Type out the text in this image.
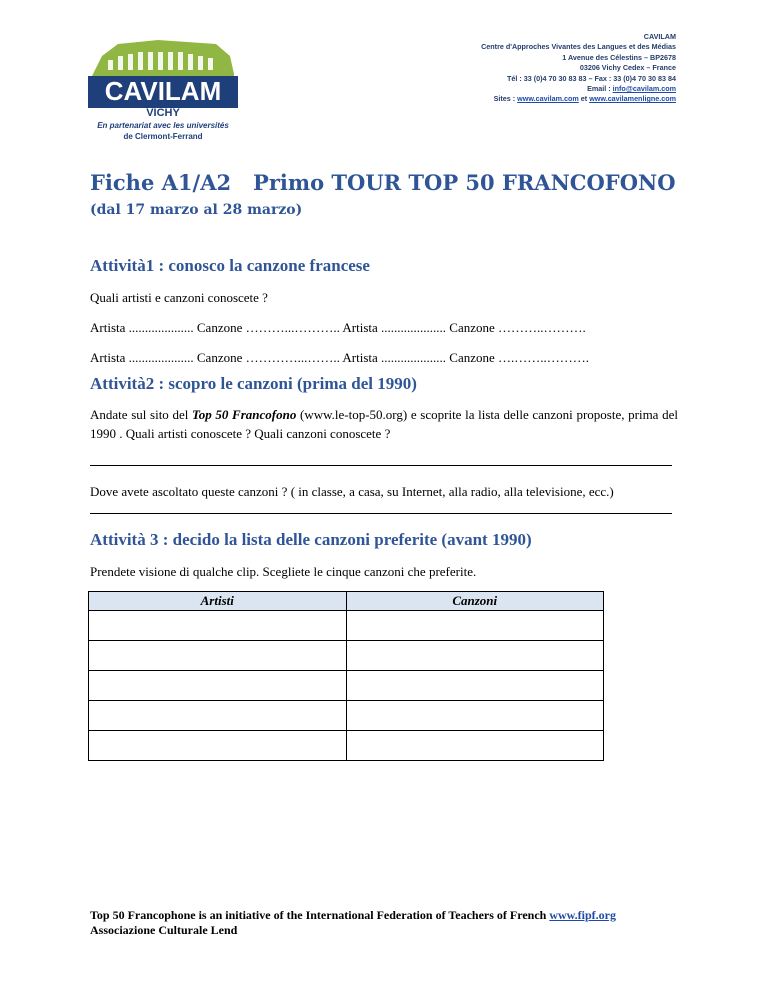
CAVILAM
VICHY
En partenariat avec les universités
de Clermont-Ferrand
CAVILAM
Centre d'Approches Vivantes des Langues et des Médias
1 Avenue des Célestins – BP2678
03206 Vichy Cedex – France
Tél : 33 (0)4 70 30 83 83 – Fax : 33 (0)4 70 30 83 84
Email : info@cavilam.com
Sites : www.cavilam.com et www.cavilamenligne.com
Fiche A1/A2   Primo TOUR TOP 50 FRANCOFONO
(dal 17 marzo al 28 marzo)
Attività1 : conosco la canzone francese
Quali artisti e canzoni conoscete ?
Artista .................... Canzone ………...……….. Artista .................... Canzone ………..……….
Artista .................... Canzone …………...…….. Artista .................... Canzone ….……..……….
Attività2 : scopro le canzoni (prima del 1990)
Andate sul sito del Top 50 Francofono (www.le-top-50.org) e scoprite la lista delle canzoni proposte, prima del 1990 . Quali artisti conoscete ? Quali canzoni conoscete ?
Dove avete ascoltato queste canzoni ? ( in classe, a casa, su Internet, alla radio, alla televisione, ecc.)
Attività 3 : decido la lista delle canzoni preferite (avant 1990)
Prendete visione di qualche clip. Scegliete le cinque canzoni che preferite.
Artisti	Canzoni

Top 50 Francophone is an initiative of the International Federation of Teachers of French www.fipf.org
Associazione Culturale Lend
